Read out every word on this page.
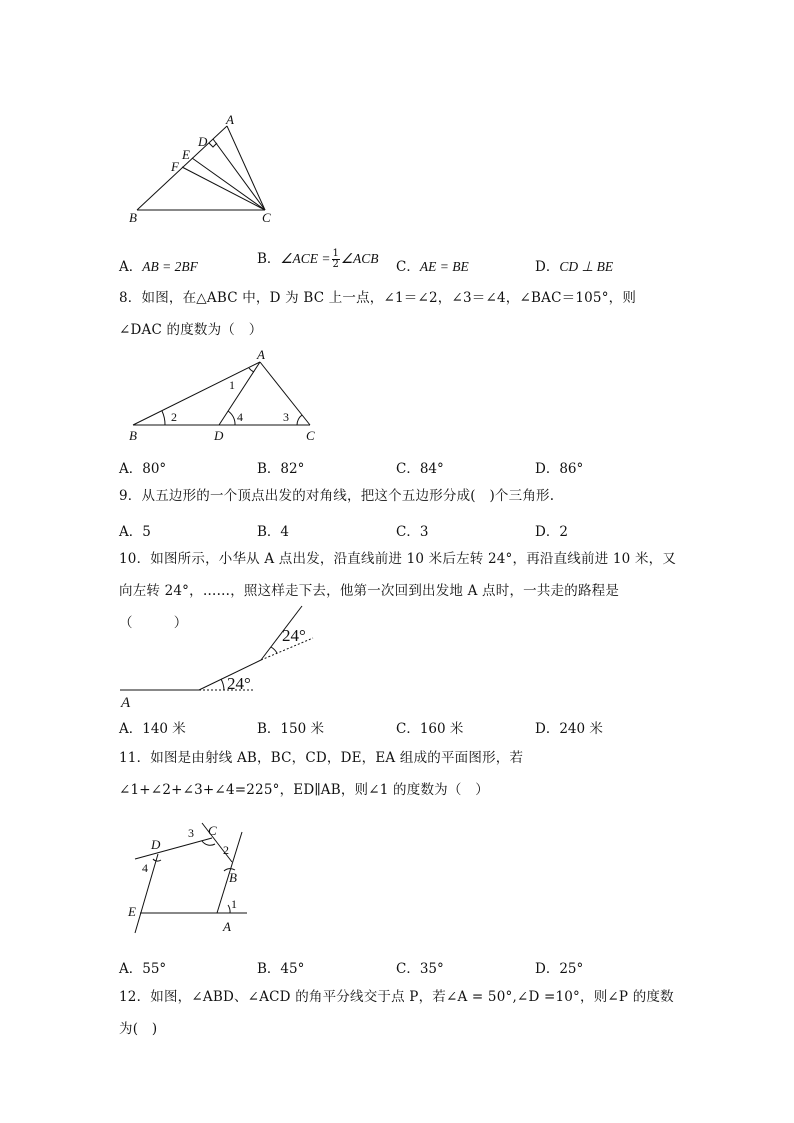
A
B	C
D
E
F
A．AB = 2BF	B．∠ACE = $\frac{1}{2}$ ∠ACB
C．AE = BE	D．CD ⊥ BE
8．如图，在△ABC 中，D 为 BC 上一点，∠1＝∠2，∠3＝∠4，∠BAC＝105°，则∠DAC 的度数为（　）
A
B	C
D
1
2	3
4
A．80°	B．82°	C．84°	D．86°
9．从五边形的一个顶点出发的对角线，把这个五边形分成(　)个三角形.
A．5	B．4	C．3	D．2
10．如图所示，小华从 A 点出发，沿直线前进 10 米后左转 24°，再沿直线前进 10 米，又向左转 24°，……，照这样走下去，他第一次回到出发地 A 点时，一共走的路程是（　　　）
A
24°
24°
A．140 米	B．150 米	C．160 米	D．240 米
11．如图是由射线 AB，BC，CD，DE，EA 组成的平面图形，若∠1+∠2+∠3+∠4=225°，ED∥AB，则∠1 的度数为（　）
A
B
C
D
E	1
2
3
4
A．55°	B．45°	C．35°	D．25°
12．如图，∠ABD、∠ACD 的角平分线交于点 P，若∠A = 50°,∠D =10°，则∠P 的度数为(　)
